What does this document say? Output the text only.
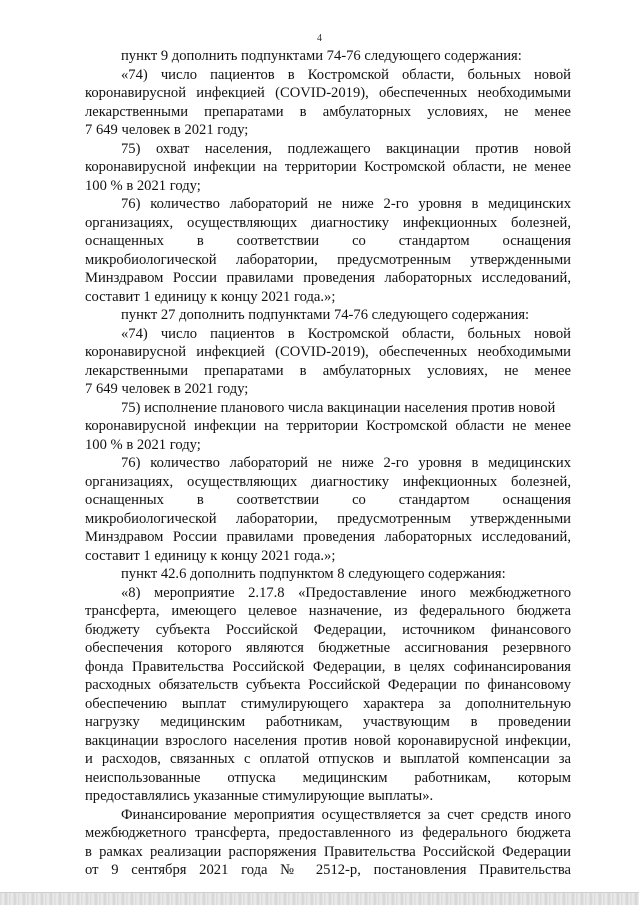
4
пункт 9 дополнить подпунктами 74-76 следующего содержания:
«74) число пациентов в Костромской области, больных новой
коронавирусной инфекцией (COVID-2019), обеспеченных необходимыми
лекарственными препаратами в амбулаторных условиях, не менее
7 649 человек в 2021 году;
75) охват населения, подлежащего вакцинации против новой
коронавирусной инфекции на территории Костромской области, не менее
100 % в 2021 году;
76) количество лабораторий не ниже 2-го уровня в медицинских
организациях, осуществляющих диагностику инфекционных болезней,
оснащенных в соответствии со стандартом оснащения
микробиологической лаборатории, предусмотренным утвержденными
Минздравом России правилами проведения лабораторных исследований,
составит 1 единицу к концу 2021 года.»;
пункт 27 дополнить подпунктами 74-76 следующего содержания:
«74) число пациентов в Костромской области, больных новой
коронавирусной инфекцией (COVID-2019), обеспеченных необходимыми
лекарственными препаратами в амбулаторных условиях, не менее
7 649 человек в 2021 году;
75) исполнение планового числа вакцинации населения против новой
коронавирусной инфекции на территории Костромской области не менее
100 % в 2021 году;
76) количество лабораторий не ниже 2-го уровня в медицинских
организациях, осуществляющих диагностику инфекционных болезней,
оснащенных в соответствии со стандартом оснащения
микробиологической лаборатории, предусмотренным утвержденными
Минздравом России правилами проведения лабораторных исследований,
составит 1 единицу к концу 2021 года.»;
пункт 42.6 дополнить подпунктом 8 следующего содержания:
«8) мероприятие 2.17.8 «Предоставление иного межбюджетного
трансферта, имеющего целевое назначение, из федерального бюджета
бюджету субъекта Российской Федерации, источником финансового
обеспечения которого являются бюджетные ассигнования резервного
фонда Правительства Российской Федерации, в целях софинансирования
расходных обязательств субъекта Российской Федерации по финансовому
обеспечению выплат стимулирующего характера за дополнительную
нагрузку медицинским работникам, участвующим в проведении
вакцинации взрослого населения против новой коронавирусной инфекции,
и расходов, связанных с оплатой отпусков и выплатой компенсации за
неиспользованные отпуска медицинским работникам, которым
предоставлялись указанные стимулирующие выплаты».
Финансирование мероприятия осуществляется за счет средств иного
межбюджетного трансферта, предоставленного из федерального бюджета
в рамках реализации распоряжения Правительства Российской Федерации
от 9 сентября 2021 года № 2512-р, постановления Правительства
